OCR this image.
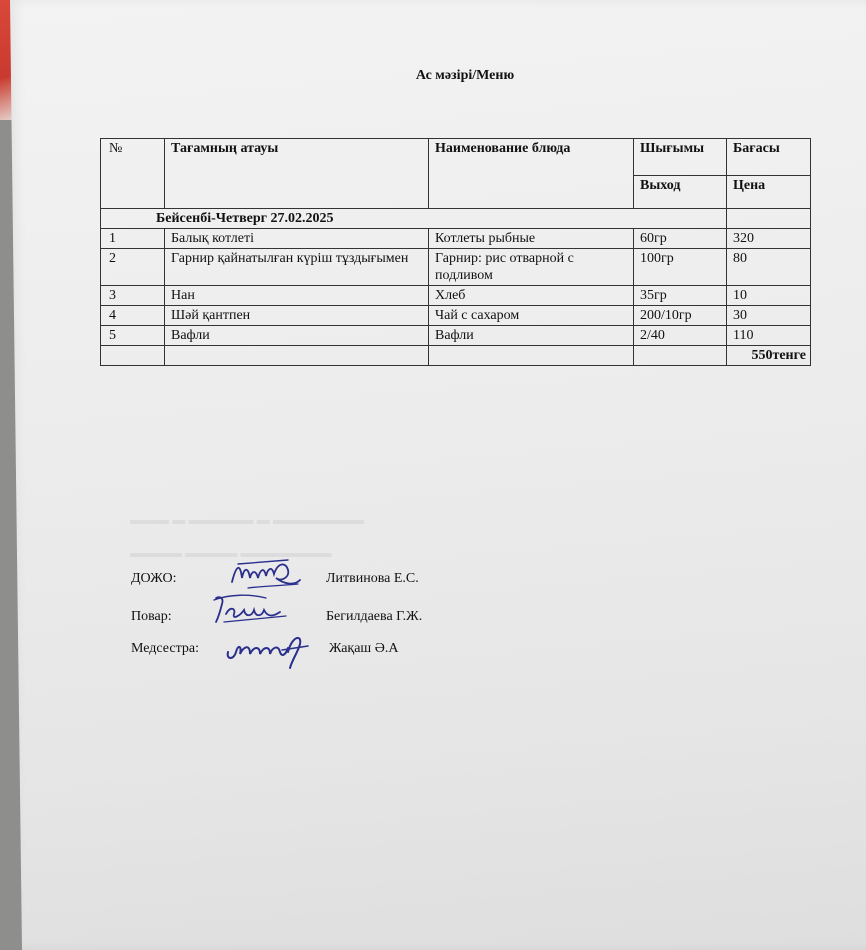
Ас мәзірі/Меню
№	Тағамның атауы	Наименование блюда	Шығымы	Бағасы
			Выход	Цена
Бейсенбі-Четверг 27.02.2025				
1	Балық котлеті	Котлеты рыбные	60гр	320
2	Гарнир қайнатылған күріш тұздығымен	Гарнир: рис отварной с подливом	100гр	80
3	Нан	Хлеб	35гр	10
4	Шәй қантпен	Чай с сахаром	200/10гр	30
5	Вафли	Вафли	2/40	110
				550тенге
▬▬▬ ▬ ▬▬▬▬▬ ▬ ▬▬▬▬▬▬▬
▬▬▬▬ ▬▬▬▬ ▬▬▬▬▬▬▬
ДОЖО:	Литвинова Е.С.
Повар:	Бегилдаева Г.Ж.
Медсестра:	Жақаш Ә.А
